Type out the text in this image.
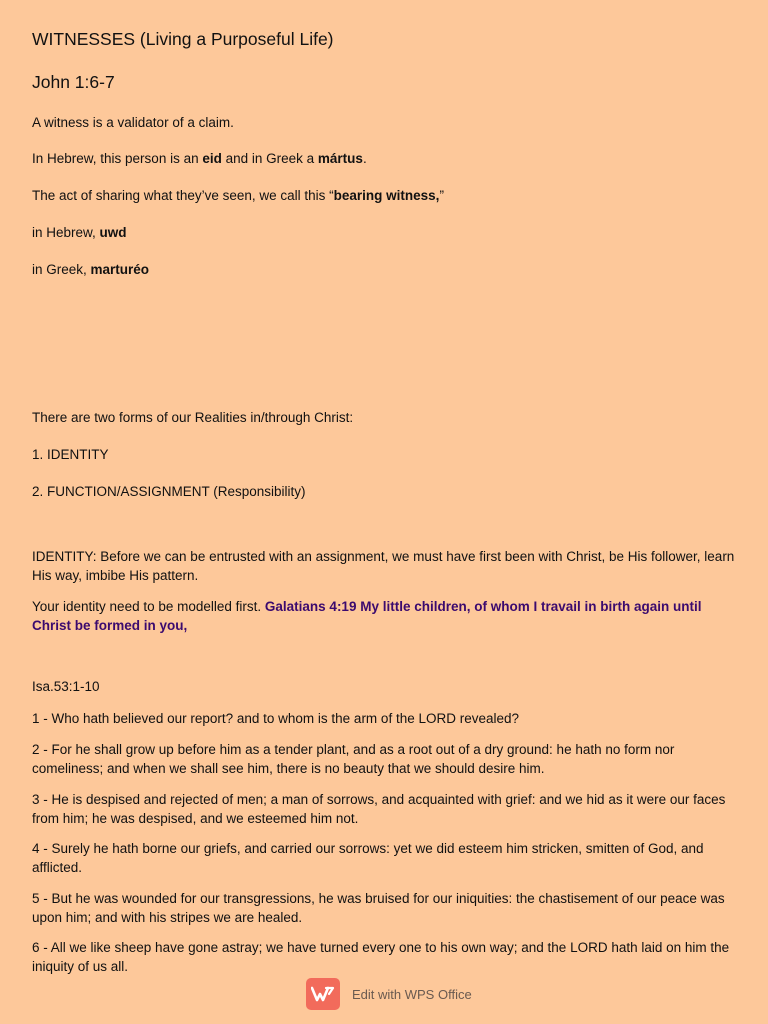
WITNESSES (Living a Purposeful Life)

John 1:6-7

A witness is a validator of a claim.

In Hebrew, this person is an eid and in Greek a mártus.

The act of sharing what they’ve seen, we call this “bearing witness,”

in Hebrew, uwd

in Greek, marturéo

There are two forms of our Realities in/through Christ:

1. IDENTITY

2. FUNCTION/ASSIGNMENT (Responsibility)

IDENTITY: Before we can be entrusted with an assignment, we must have first been with Christ, be His follower, learn His way, imbibe His pattern.

Your identity need to be modelled first. Galatians 4:19 My little children, of whom I travail in birth again until Christ be formed in you,

Isa.53:1-10

1 - Who hath believed our report? and to whom is the arm of the LORD revealed?

2 - For he shall grow up before him as a tender plant, and as a root out of a dry ground: he hath no form nor comeliness; and when we shall see him, there is no beauty that we should desire him.

3 - He is despised and rejected of men; a man of sorrows, and acquainted with grief: and we hid as it were our faces from him; he was despised, and we esteemed him not.

4 - Surely he hath borne our griefs, and carried our sorrows: yet we did esteem him stricken, smitten of God, and afflicted.

5 - But he was wounded for our transgressions, he was bruised for our iniquities: the chastisement of our peace was upon him; and with his stripes we are healed.

6 - All we like sheep have gone astray; we have turned every one to his own way; and the LORD hath laid on him the iniquity of us all.

Edit with WPS Office
